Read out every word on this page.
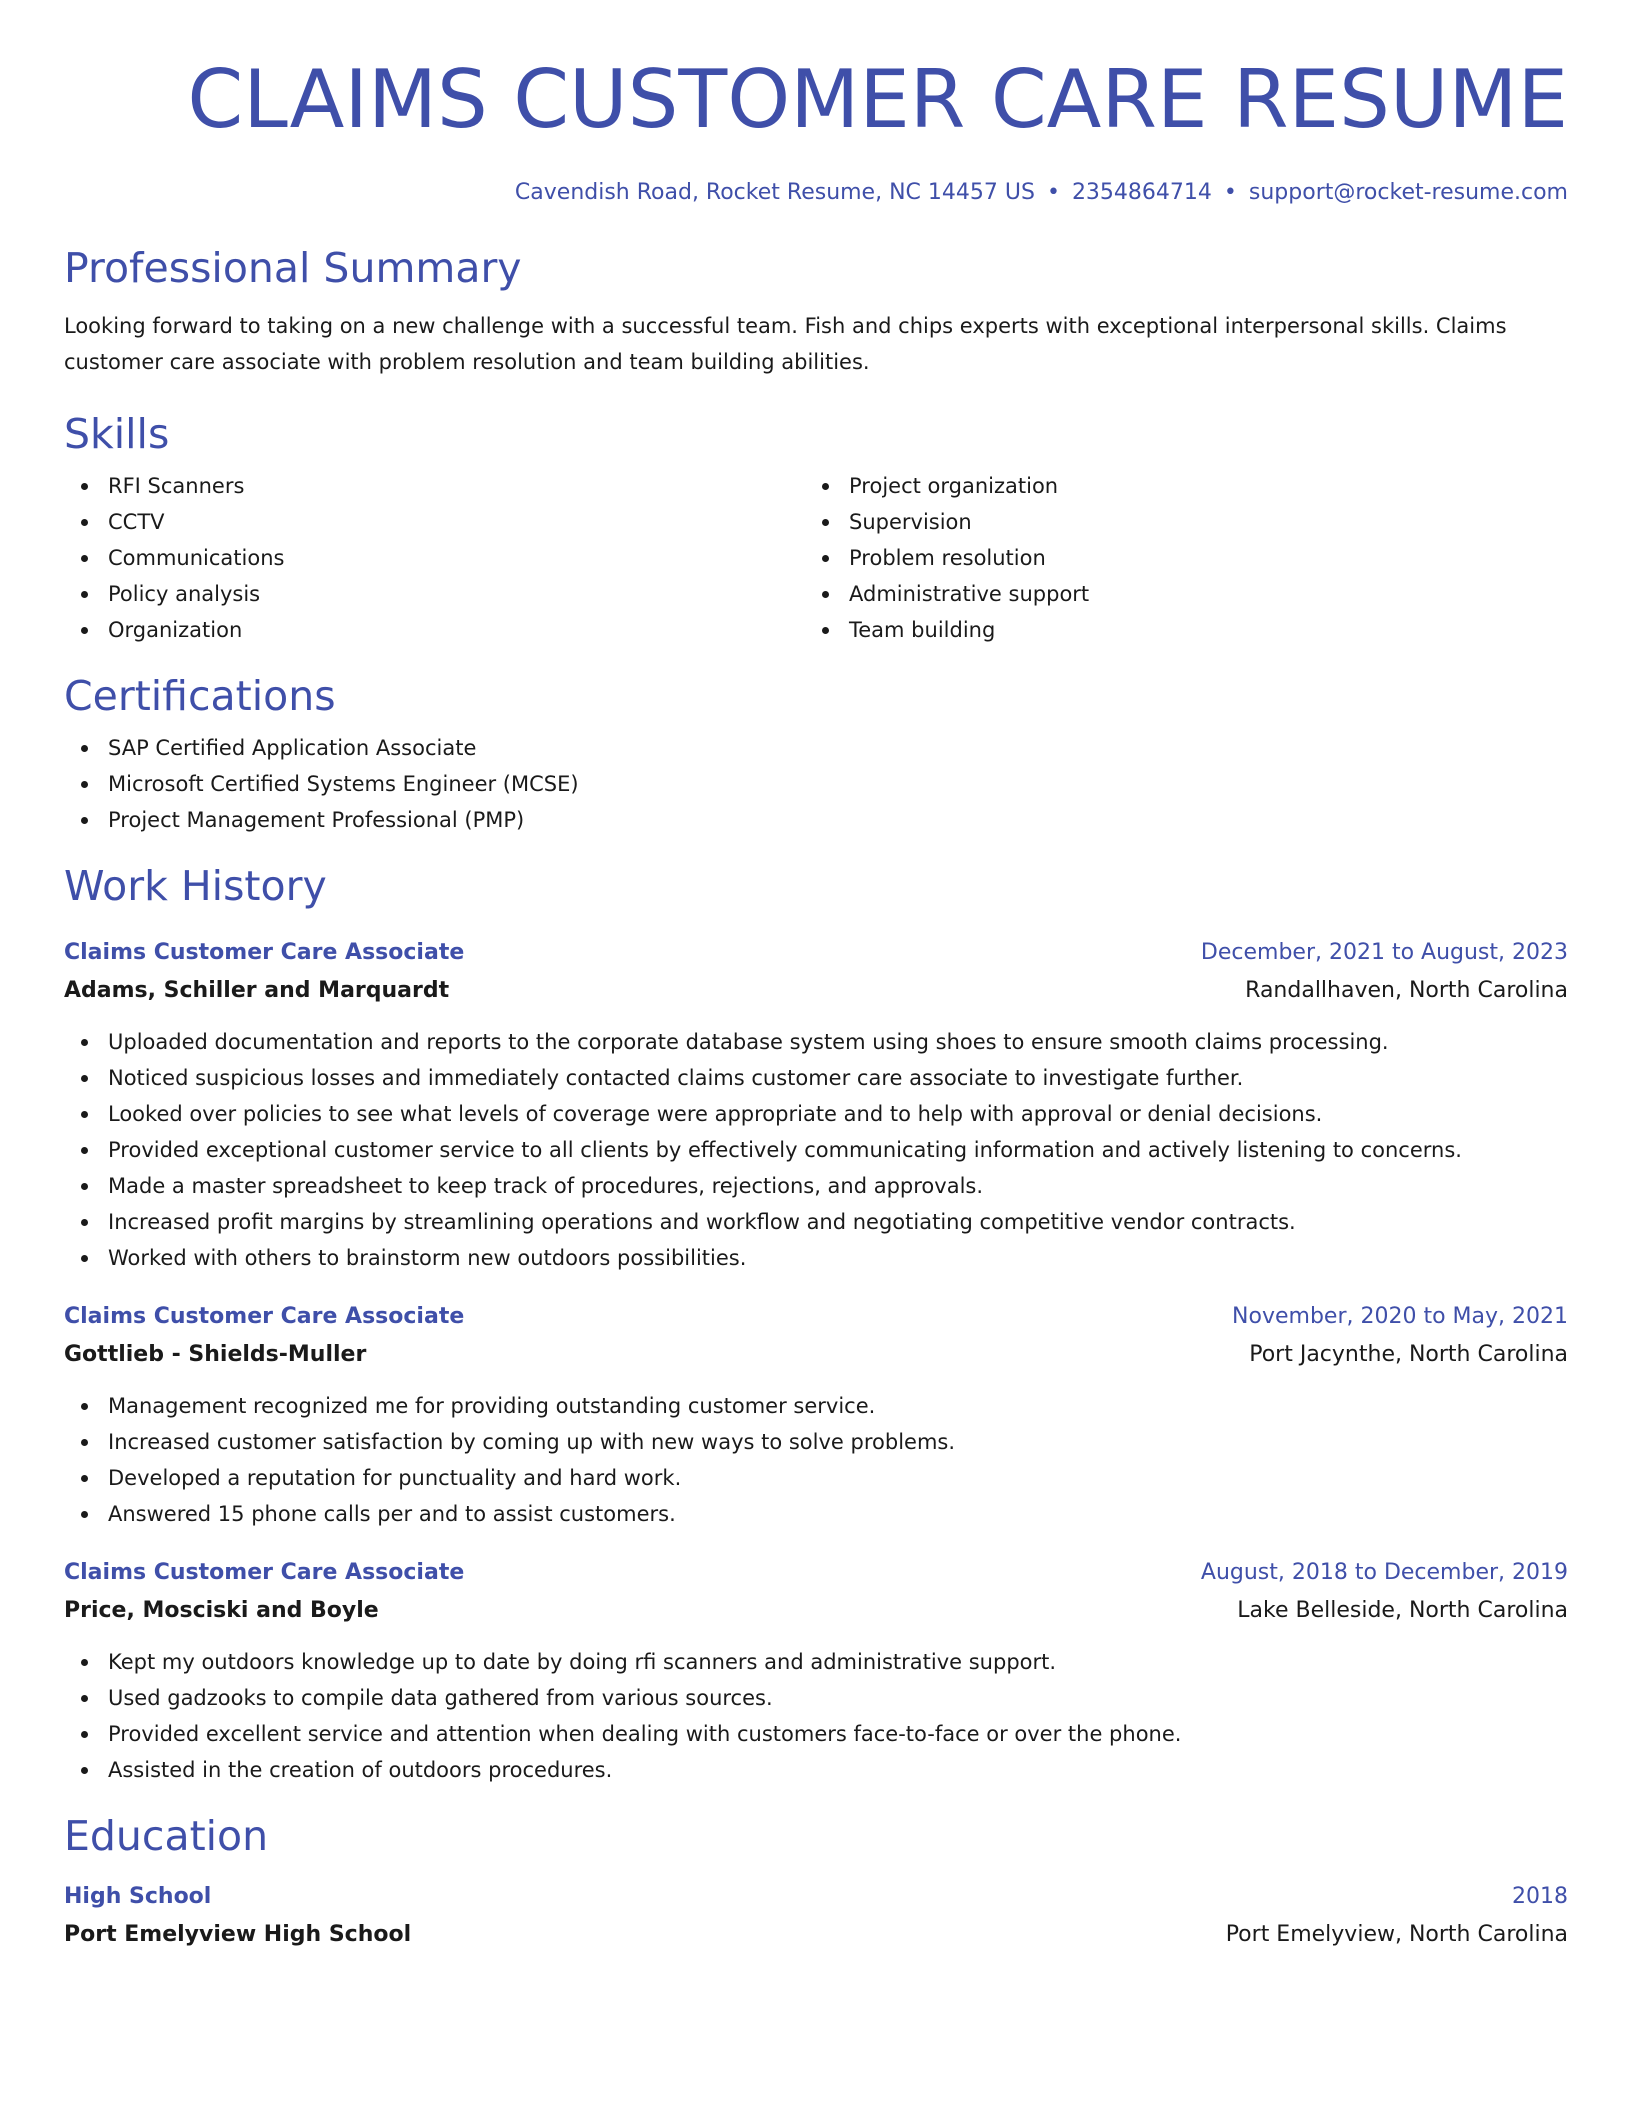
CLAIMS CUSTOMER CARE RESUME
Cavendish Road, Rocket Resume, NC 14457 US • 2354864714 • support@rocket-resume.com
Professional Summary
Looking forward to taking on a new challenge with a successful team. Fish and chips experts with exceptional interpersonal skills. Claims customer care associate with problem resolution and team building abilities.
Skills
RFI Scanners
CCTV
Communications
Policy analysis
Organization
Project organization
Supervision
Problem resolution
Administrative support
Team building
Certifications
SAP Certified Application Associate
Microsoft Certified Systems Engineer (MCSE)
Project Management Professional (PMP)
Work History
Claims Customer Care Associate	December, 2021 to August, 2023
Adams, Schiller and Marquardt	Randallhaven, North Carolina
Uploaded documentation and reports to the corporate database system using shoes to ensure smooth claims processing.
Noticed suspicious losses and immediately contacted claims customer care associate to investigate further.
Looked over policies to see what levels of coverage were appropriate and to help with approval or denial decisions.
Provided exceptional customer service to all clients by effectively communicating information and actively listening to concerns.
Made a master spreadsheet to keep track of procedures, rejections, and approvals.
Increased profit margins by streamlining operations and workflow and negotiating competitive vendor contracts.
Worked with others to brainstorm new outdoors possibilities.
Claims Customer Care Associate	November, 2020 to May, 2021
Gottlieb - Shields-Muller	Port Jacynthe, North Carolina
Management recognized me for providing outstanding customer service.
Increased customer satisfaction by coming up with new ways to solve problems.
Developed a reputation for punctuality and hard work.
Answered 15 phone calls per and to assist customers.
Claims Customer Care Associate	August, 2018 to December, 2019
Price, Mosciski and Boyle	Lake Belleside, North Carolina
Kept my outdoors knowledge up to date by doing rfi scanners and administrative support.
Used gadzooks to compile data gathered from various sources.
Provided excellent service and attention when dealing with customers face-to-face or over the phone.
Assisted in the creation of outdoors procedures.
Education
High School	2018
Port Emelyview High School	Port Emelyview, North Carolina
